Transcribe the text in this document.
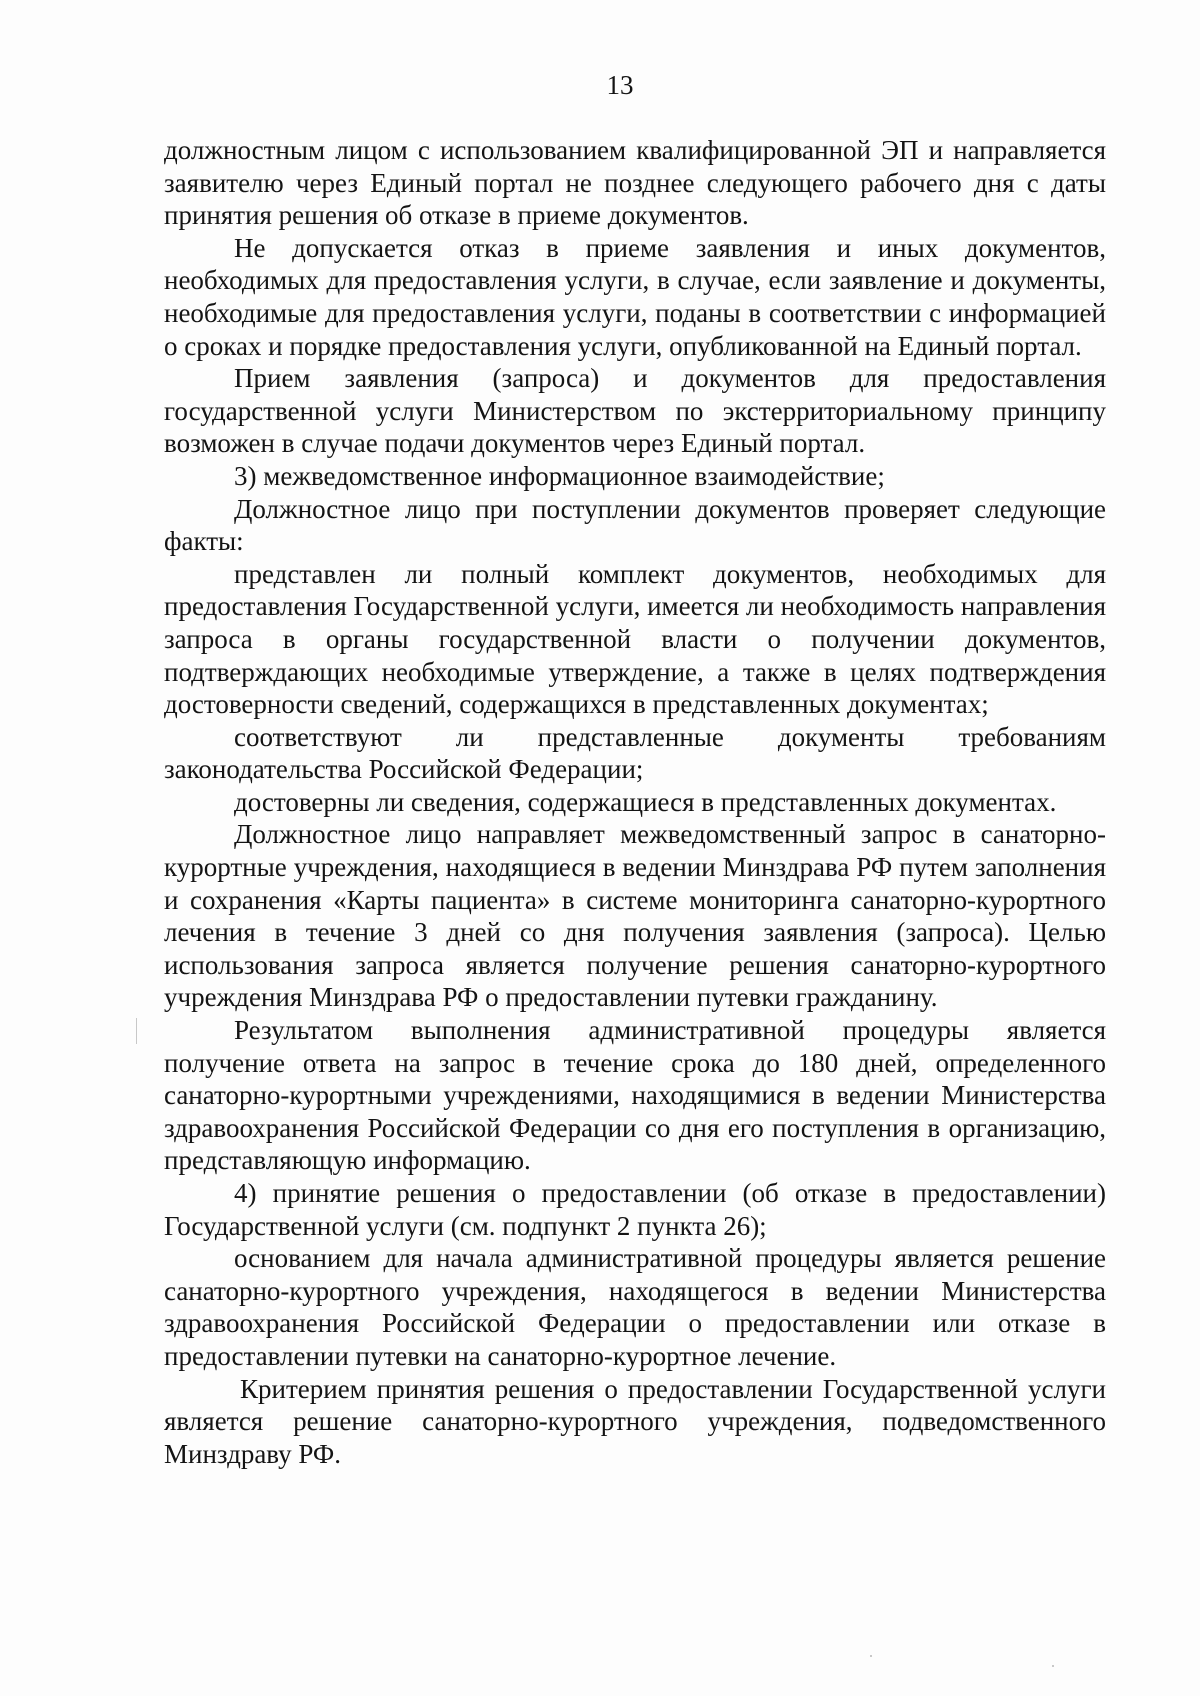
13

должностным лицом с использованием квалифицированной ЭП и направляется заявителю через Единый портал не позднее следующего рабочего дня с даты принятия решения об отказе в приеме документов.

Не допускается отказ в приеме заявления и иных документов, необходимых для предоставления услуги, в случае, если заявление и документы, необходимые для предоставления услуги, поданы в соответствии с информацией о сроках и порядке предоставления услуги, опубликованной на Единый портал.

Прием заявления (запроса) и документов для предоставления государственной услуги Министерством по экстерриториальному принципу возможен в случае подачи документов через Единый портал.

3) межведомственное информационное взаимодействие;

Должностное лицо при поступлении документов проверяет следующие факты:

представлен ли полный комплект документов, необходимых для предоставления Государственной услуги, имеется ли необходимость направления запроса в органы государственной власти о получении документов, подтверждающих необходимые утверждение, а также в целях подтверждения достоверности сведений, содержащихся в представленных документах;

соответствуют ли представленные документы требованиям законодательства Российской Федерации;

достоверны ли сведения, содержащиеся в представленных документах.

Должностное лицо направляет межведомственный запрос в санаторно-курортные учреждения, находящиеся в ведении Минздрава РФ путем заполнения и сохранения «Карты пациента» в системе мониторинга санаторно-курортного лечения в течение 3 дней со дня получения заявления (запроса). Целью использования запроса является получение решения санаторно-курортного учреждения Минздрава РФ о предоставлении путевки гражданину.

Результатом выполнения административной процедуры является получение ответа на запрос в течение срока до 180 дней, определенного санаторно-курортными учреждениями, находящимися в ведении Министерства здравоохранения Российской Федерации со дня его поступления в организацию, представляющую информацию.

4) принятие решения о предоставлении (об отказе в предоставлении) Государственной услуги (см. подпункт 2 пункта 26);

основанием для начала административной процедуры является решение санаторно-курортного учреждения, находящегося в ведении Министерства здравоохранения Российской Федерации о предоставлении или отказе в предоставлении путевки на санаторно-курортное лечение.

Критерием принятия решения о предоставлении Государственной услуги является решение санаторно-курортного учреждения, подведомственного Минздраву РФ.
